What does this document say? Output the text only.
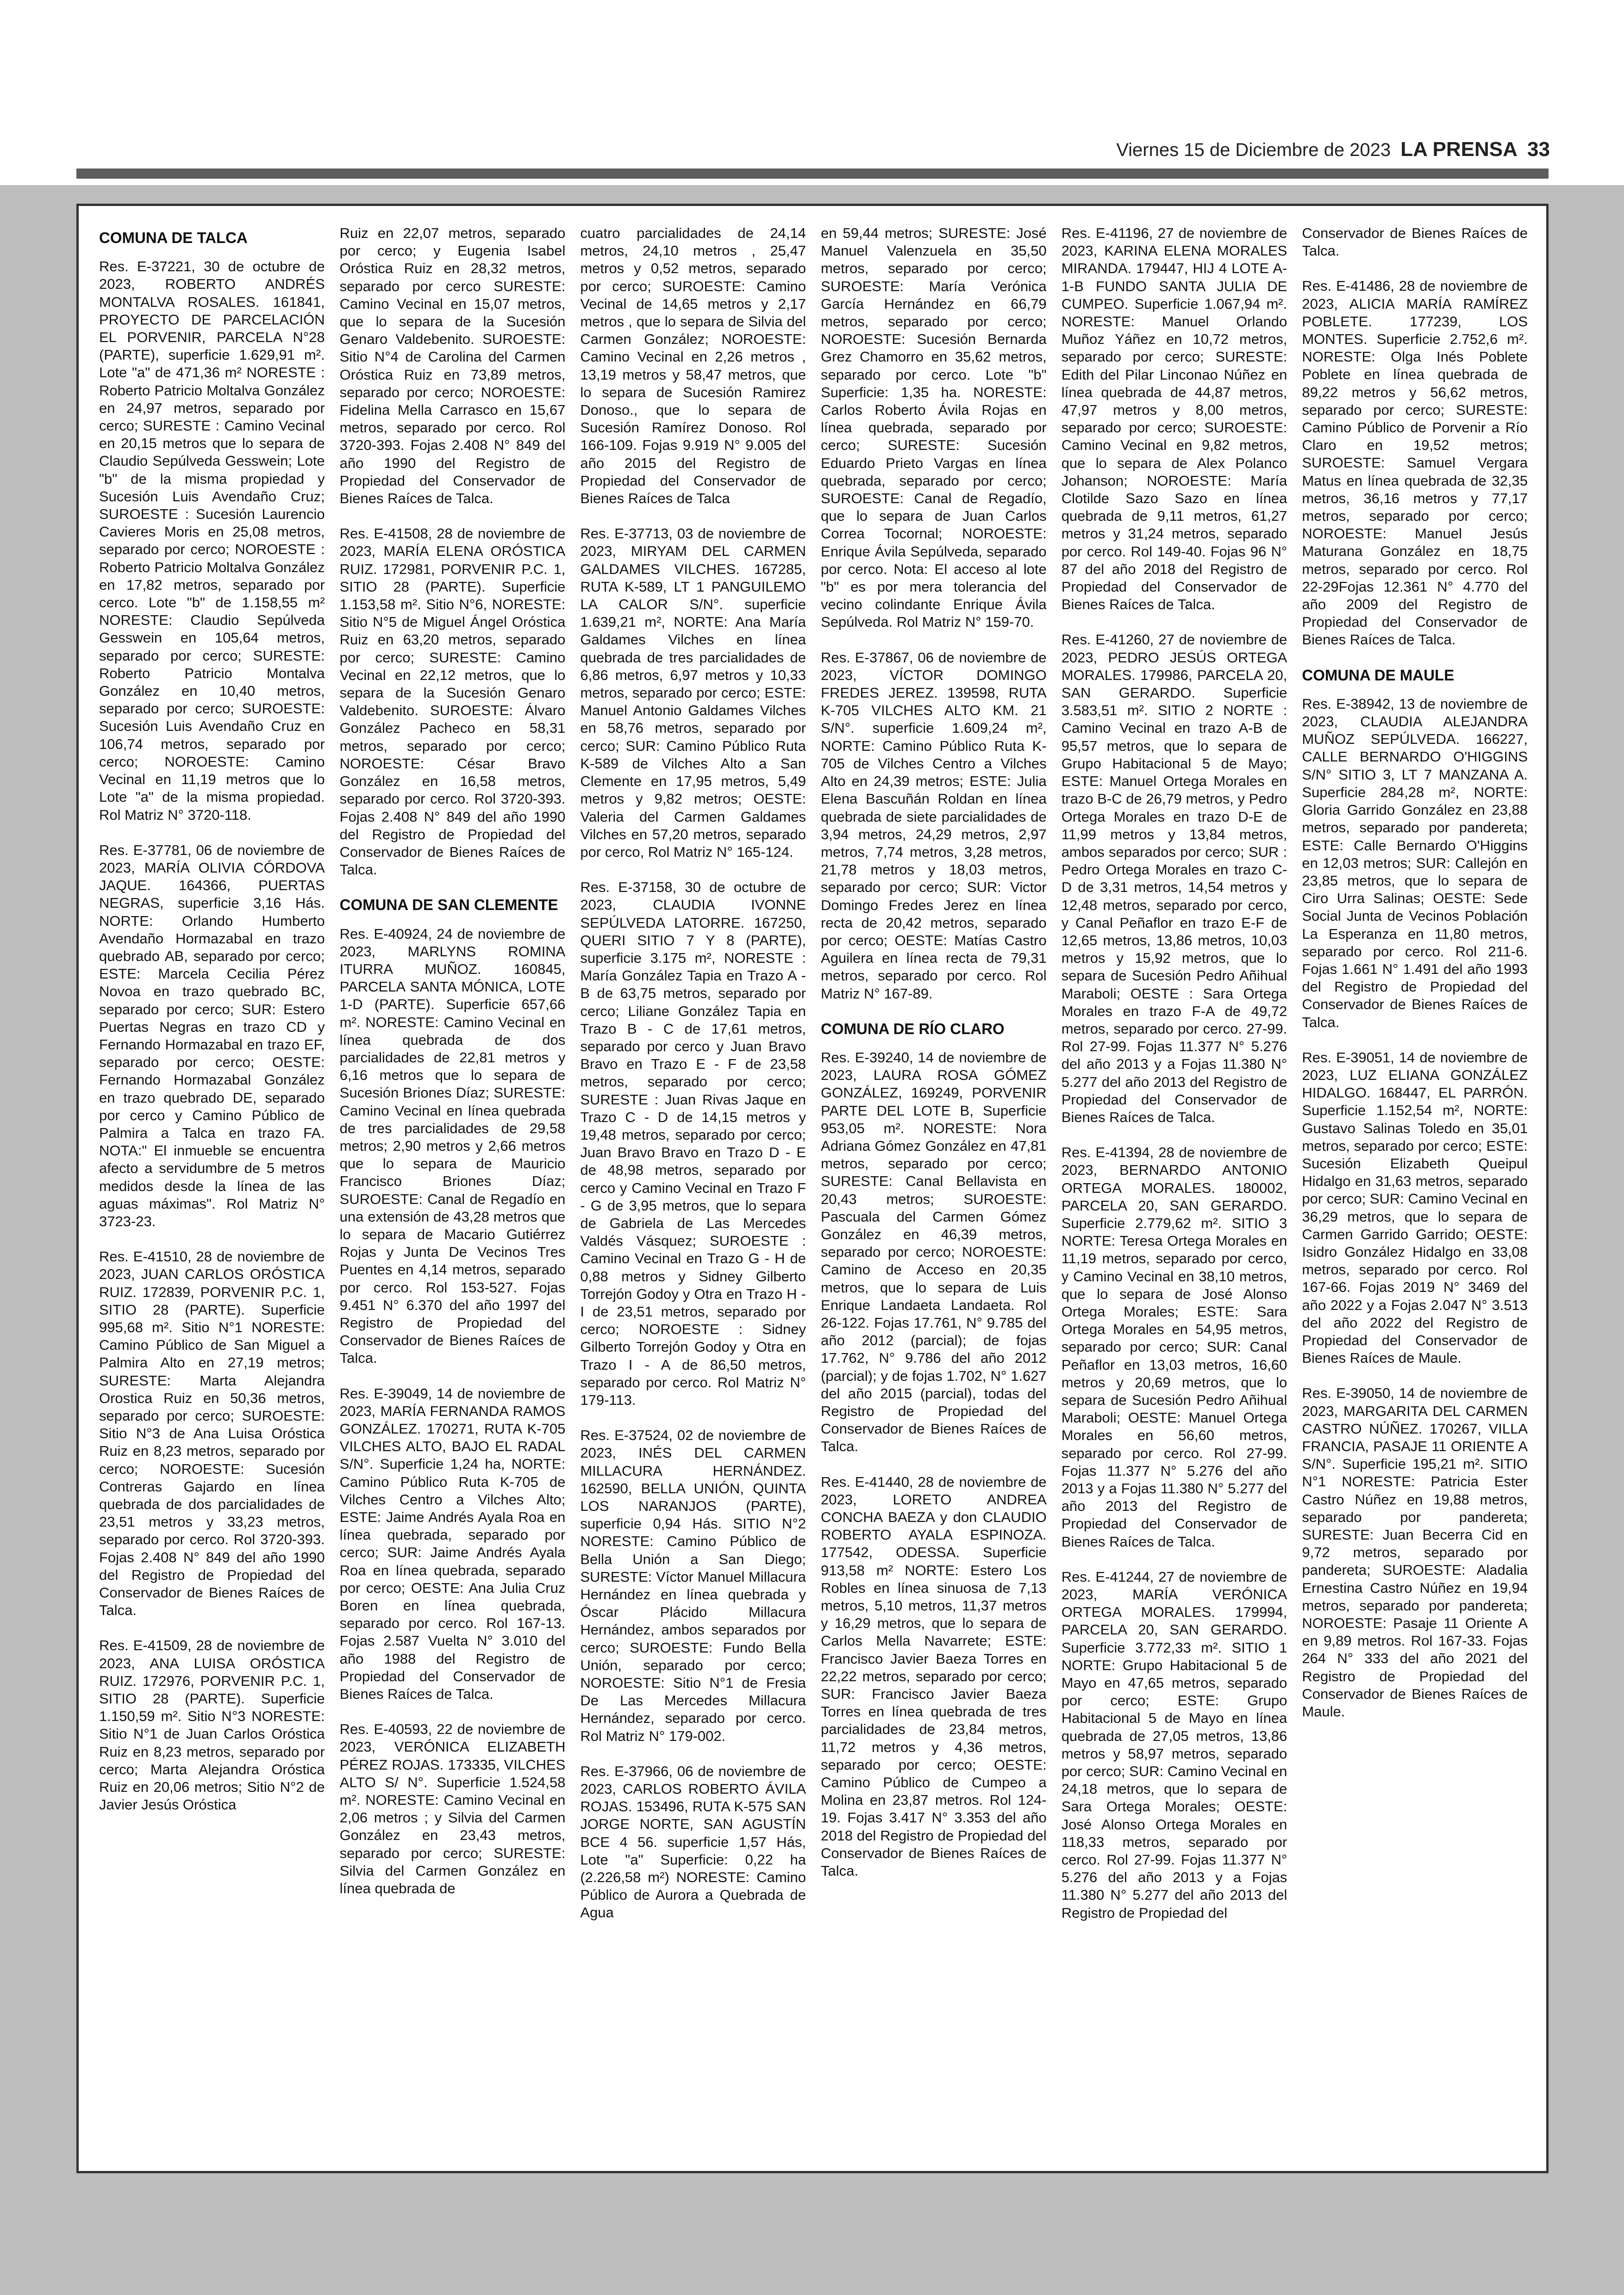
Viernes 15 de Diciembre de 2023 LA PRENSA 33
COMUNA DE TALCA

Res. E-37221, 30 de octubre de 2023, ROBERTO ANDRÉS MONTALVA ROSALES. 161841, PROYECTO DE PARCELACIÓN EL PORVENIR, PARCELA N°28 (PARTE), superficie 1.629,91 m². Lote "a" de 471,36 m² NORESTE : Roberto Patricio Moltalva González en 24,97 metros, separado por cerco; SURESTE : Camino Vecinal en 20,15 metros que lo separa de Claudio Sepúlveda Gesswein; Lote "b" de la misma propiedad y Sucesión Luis Avendaño Cruz; SUROESTE : Sucesión Laurencio Cavieres Moris en 25,08 metros, separado por cerco; NOROESTE : Roberto Patricio Moltalva González en 17,82 metros, separado por cerco. Lote "b" de 1.158,55 m² NORESTE: Claudio Sepúlveda Gesswein en 105,64 metros, separado por cerco; SURESTE: Roberto Patricio Montalva González en 10,40 metros, separado por cerco; SUROESTE: Sucesión Luis Avendaño Cruz en 106,74 metros, separado por cerco; NOROESTE: Camino Vecinal en 11,19 metros que lo Lote "a" de la misma propiedad. Rol Matriz N° 3720-118.

Res. E-37781, 06 de noviembre de 2023, MARÍA OLIVIA CÓRDOVA JAQUE. 164366, PUERTAS NEGRAS, superficie 3,16 Hás. NORTE: Orlando Humberto Avendaño Hormazabal en trazo quebrado AB, separado por cerco; ESTE: Marcela Cecilia Pérez Novoa en trazo quebrado BC, separado por cerco; SUR: Estero Puertas Negras en trazo CD y Fernando Hormazabal en trazo EF, separado por cerco; OESTE: Fernando Hormazabal González en trazo quebrado DE, separado por cerco y Camino Público de Palmira a Talca en trazo FA. NOTA:" El inmueble se encuentra afecto a servidumbre de 5 metros medidos desde la línea de las aguas máximas". Rol Matriz N° 3723-23.

Res. E-41510, 28 de noviembre de 2023, JUAN CARLOS ORÓSTICA RUIZ. 172839, PORVENIR P.C. 1, SITIO 28 (PARTE). Superficie 995,68 m². Sitio N°1 NORESTE: Camino Público de San Miguel a Palmira Alto en 27,19 metros; SURESTE: Marta Alejandra Orostica Ruiz en 50,36 metros, separado por cerco; SUROESTE: Sitio N°3 de Ana Luisa Oróstica Ruiz en 8,23 metros, separado por cerco; NOROESTE: Sucesión Contreras Gajardo en línea quebrada de dos parcialidades de 23,51 metros y 33,23 metros, separado por cerco. Rol 3720-393. Fojas 2.408 N° 849 del año 1990 del Registro de Propiedad del Conservador de Bienes Raíces de Talca.

Res. E-41509, 28 de noviembre de 2023, ANA LUISA ORÓSTICA RUIZ. 172976, PORVENIR P.C. 1, SITIO 28 (PARTE). Superficie 1.150,59 m². Sitio N°3 NORESTE: Sitio N°1 de Juan Carlos Oróstica Ruiz en 8,23 metros, separado por cerco; Marta Alejandra Oróstica Ruiz en 20,06 metros; Sitio N°2 de Javier Jesús Oróstica

Ruiz en 22,07 metros, separado por cerco; y Eugenia Isabel Oróstica Ruiz en 28,32 metros, separado por cerco SURESTE: Camino Vecinal en 15,07 metros, que lo separa de la Sucesión Genaro Valdebenito. SUROESTE: Sitio N°4 de Carolina del Carmen Oróstica Ruiz en 73,89 metros, separado por cerco; NOROESTE: Fidelina Mella Carrasco en 15,67 metros, separado por cerco. Rol 3720-393. Fojas 2.408 N° 849 del año 1990 del Registro de Propiedad del Conservador de Bienes Raíces de Talca.

Res. E-41508, 28 de noviembre de 2023, MARÍA ELENA ORÓSTICA RUIZ. 172981, PORVENIR P.C. 1, SITIO 28 (PARTE). Superficie 1.153,58 m². Sitio N°6, NORESTE: Sitio N°5 de Miguel Ángel Oróstica Ruiz en 63,20 metros, separado por cerco; SURESTE: Camino Vecinal en 22,12 metros, que lo separa de la Sucesión Genaro Valdebenito. SUROESTE: Álvaro González Pacheco en 58,31 metros, separado por cerco; NOROESTE: César Bravo González en 16,58 metros, separado por cerco. Rol 3720-393. Fojas 2.408 N° 849 del año 1990 del Registro de Propiedad del Conservador de Bienes Raíces de Talca.

COMUNA DE SAN CLEMENTE

Res. E-40924, 24 de noviembre de 2023, MARLYNS ROMINA ITURRA MUÑOZ. 160845, PARCELA SANTA MÓNICA, LOTE 1-D (PARTE). Superficie 657,66 m². NORESTE: Camino Vecinal en línea quebrada de dos parcialidades de 22,81 metros y 6,16 metros que lo separa de Sucesión Briones Díaz; SURESTE: Camino Vecinal en línea quebrada de tres parcialidades de 29,58 metros; 2,90 metros y 2,66 metros que lo separa de Mauricio Francisco Briones Díaz; SUROESTE: Canal de Regadío en una extensión de 43,28 metros que lo separa de Macario Gutiérrez Rojas y Junta De Vecinos Tres Puentes en 4,14 metros, separado por cerco. Rol 153-527. Fojas 9.451 N° 6.370 del año 1997 del Registro de Propiedad del Conservador de Bienes Raíces de Talca.

Res. E-39049, 14 de noviembre de 2023, MARÍA FERNANDA RAMOS GONZÁLEZ. 170271, RUTA K-705 VILCHES ALTO, BAJO EL RADAL S/N°. Superficie 1,24 ha, NORTE: Camino Público Ruta K-705 de Vilches Centro a Vilches Alto; ESTE: Jaime Andrés Ayala Roa en línea quebrada, separado por cerco; SUR: Jaime Andrés Ayala Roa en línea quebrada, separado por cerco; OESTE: Ana Julia Cruz Boren en línea quebrada, separado por cerco. Rol 167-13. Fojas 2.587 Vuelta N° 3.010 del año 1988 del Registro de Propiedad del Conservador de Bienes Raíces de Talca.

Res. E-40593, 22 de noviembre de 2023, VERÓNICA ELIZABETH PÉREZ ROJAS. 173335, VILCHES ALTO S/ N°. Superficie 1.524,58 m². NORESTE: Camino Vecinal en 2,06 metros ; y Silvia del Carmen González en 23,43 metros, separado por cerco; SURESTE: Silvia del Carmen González en línea quebrada de

cuatro parcialidades de 24,14 metros, 24,10 metros , 25,47 metros y 0,52 metros, separado por cerco; SUROESTE: Camino Vecinal de 14,65 metros y 2,17 metros , que lo separa de Silvia del Carmen González; NOROESTE: Camino Vecinal en 2,26 metros , 13,19 metros y 58,47 metros, que lo separa de Sucesión Ramirez Donoso., que lo separa de Sucesión Ramírez Donoso. Rol 166-109. Fojas 9.919 N° 9.005 del año 2015 del Registro de Propiedad del Conservador de Bienes Raíces de Talca

Res. E-37713, 03 de noviembre de 2023, MIRYAM DEL CARMEN GALDAMES VILCHES. 167285, RUTA K-589, LT 1 PANGUILEMO LA CALOR S/N°. superficie 1.639,21 m², NORTE: Ana María Galdames Vilches en línea quebrada de tres parcialidades de 6,86 metros, 6,97 metros y 10,33 metros, separado por cerco; ESTE: Manuel Antonio Galdames Vilches en 58,76 metros, separado por cerco; SUR: Camino Público Ruta K-589 de Vilches Alto a San Clemente en 17,95 metros, 5,49 metros y 9,82 metros; OESTE: Valeria del Carmen Galdames Vilches en 57,20 metros, separado por cerco, Rol Matriz N° 165-124.

Res. E-37158, 30 de octubre de 2023, CLAUDIA IVONNE SEPÚLVEDA LATORRE. 167250, QUERI SITIO 7 Y 8 (PARTE), superficie 3.175 m², NORESTE : María González Tapia en Trazo A - B de 63,75 metros, separado por cerco; Liliane González Tapia en Trazo B - C de 17,61 metros, separado por cerco y Juan Bravo Bravo en Trazo E - F de 23,58 metros, separado por cerco; SURESTE : Juan Rivas Jaque en Trazo C - D de 14,15 metros y 19,48 metros, separado por cerco; Juan Bravo Bravo en Trazo D - E de 48,98 metros, separado por cerco y Camino Vecinal en Trazo F - G de 3,95 metros, que lo separa de Gabriela de Las Mercedes Valdés Vásquez; SUROESTE : Camino Vecinal en Trazo G - H de 0,88 metros y Sidney Gilberto Torrejón Godoy y Otra en Trazo H - I de 23,51 metros, separado por cerco; NOROESTE : Sidney Gilberto Torrejón Godoy y Otra en Trazo I - A de 86,50 metros, separado por cerco. Rol Matriz N° 179-113.

Res. E-37524, 02 de noviembre de 2023, INÉS DEL CARMEN MILLACURA HERNÁNDEZ. 162590, BELLA UNIÓN, QUINTA LOS NARANJOS (PARTE), superficie 0,94 Hás. SITIO N°2 NORESTE: Camino Público de Bella Unión a San Diego; SURESTE: Víctor Manuel Millacura Hernández en línea quebrada y Óscar Plácido Millacura Hernández, ambos separados por cerco; SUROESTE: Fundo Bella Unión, separado por cerco; NOROESTE: Sitio N°1 de Fresia De Las Mercedes Millacura Hernández, separado por cerco. Rol Matriz N° 179-002.

Res. E-37966, 06 de noviembre de 2023, CARLOS ROBERTO ÁVILA ROJAS. 153496, RUTA K-575 SAN JORGE NORTE, SAN AGUSTÍN BCE 4 56. superficie 1,57 Hás, Lote "a" Superficie: 0,22 ha (2.226,58 m²) NORESTE: Camino Público de Aurora a Quebrada de Agua

en 59,44 metros; SURESTE: José Manuel Valenzuela en 35,50 metros, separado por cerco; SUROESTE: María Verónica García Hernández en 66,79 metros, separado por cerco; NOROESTE: Sucesión Bernarda Grez Chamorro en 35,62 metros, separado por cerco. Lote "b" Superficie: 1,35 ha. NORESTE: Carlos Roberto Ávila Rojas en línea quebrada, separado por cerco; SURESTE: Sucesión Eduardo Prieto Vargas en línea quebrada, separado por cerco; SUROESTE: Canal de Regadío, que lo separa de Juan Carlos Correa Tocornal; NOROESTE: Enrique Ávila Sepúlveda, separado por cerco. Nota: El acceso al lote "b" es por mera tolerancia del vecino colindante Enrique Ávila Sepúlveda. Rol Matriz N° 159-70.

Res. E-37867, 06 de noviembre de 2023, VÍCTOR DOMINGO FREDES JEREZ. 139598, RUTA K-705 VILCHES ALTO KM. 21 S/N°. superficie 1.609,24 m², NORTE: Camino Público Ruta K-705 de Vilches Centro a Vilches Alto en 24,39 metros; ESTE: Julia Elena Bascuñán Roldan en línea quebrada de siete parcialidades de 3,94 metros, 24,29 metros, 2,97 metros, 7,74 metros, 3,28 metros, 21,78 metros y 18,03 metros, separado por cerco; SUR: Victor Domingo Fredes Jerez en línea recta de 20,42 metros, separado por cerco; OESTE: Matías Castro Aguilera en línea recta de 79,31 metros, separado por cerco. Rol Matriz N° 167-89.

COMUNA DE RÍO CLARO

Res. E-39240, 14 de noviembre de 2023, LAURA ROSA GÓMEZ GONZÁLEZ, 169249, PORVENIR PARTE DEL LOTE B, Superficie 953,05 m². NORESTE: Nora Adriana Gómez González en 47,81 metros, separado por cerco; SURESTE: Canal Bellavista en 20,43 metros; SUROESTE: Pascuala del Carmen Gómez González en 46,39 metros, separado por cerco; NOROESTE: Camino de Acceso en 20,35 metros, que lo separa de Luis Enrique Landaeta Landaeta. Rol 26-122. Fojas 17.761, N° 9.785 del año 2012 (parcial); de fojas 17.762, N° 9.786 del año 2012 (parcial); y de fojas 1.702, N° 1.627 del año 2015 (parcial), todas del Registro de Propiedad del Conservador de Bienes Raíces de Talca.

Res. E-41440, 28 de noviembre de 2023, LORETO ANDREA CONCHA BAEZA y don CLAUDIO ROBERTO AYALA ESPINOZA. 177542, ODESSA. Superficie 913,58 m² NORTE: Estero Los Robles en línea sinuosa de 7,13 metros, 5,10 metros, 11,37 metros y 16,29 metros, que lo separa de Carlos Mella Navarrete; ESTE: Francisco Javier Baeza Torres en 22,22 metros, separado por cerco; SUR: Francisco Javier Baeza Torres en línea quebrada de tres parcialidades de 23,84 metros, 11,72 metros y 4,36 metros, separado por cerco; OESTE: Camino Público de Cumpeo a Molina en 23,87 metros. Rol 124-19. Fojas 3.417 N° 3.353 del año 2018 del Registro de Propiedad del Conservador de Bienes Raíces de Talca.

Res. E-41196, 27 de noviembre de 2023, KARINA ELENA MORALES MIRANDA. 179447, HIJ 4 LOTE A-1-B FUNDO SANTA JULIA DE CUMPEO. Superficie 1.067,94 m². NORESTE: Manuel Orlando Muñoz Yáñez en 10,72 metros, separado por cerco; SURESTE: Edith del Pilar Linconao Núñez en línea quebrada de 44,87 metros, 47,97 metros y 8,00 metros, separado por cerco; SUROESTE: Camino Vecinal en 9,82 metros, que lo separa de Alex Polanco Johanson; NOROESTE: María Clotilde Sazo Sazo en línea quebrada de 9,11 metros, 61,27 metros y 31,24 metros, separado por cerco. Rol 149-40. Fojas 96 N° 87 del año 2018 del Registro de Propiedad del Conservador de Bienes Raíces de Talca.

Res. E-41260, 27 de noviembre de 2023, PEDRO JESÚS ORTEGA MORALES. 179986, PARCELA 20, SAN GERARDO. Superficie 3.583,51 m². SITIO 2 NORTE : Camino Vecinal en trazo A-B de 95,57 metros, que lo separa de Grupo Habitacional 5 de Mayo; ESTE: Manuel Ortega Morales en trazo B-C de 26,79 metros, y Pedro Ortega Morales en trazo D-E de 11,99 metros y 13,84 metros, ambos separados por cerco; SUR : Pedro Ortega Morales en trazo C-D de 3,31 metros, 14,54 metros y 12,48 metros, separado por cerco, y Canal Peñaflor en trazo E-F de 12,65 metros, 13,86 metros, 10,03 metros y 15,92 metros, que lo separa de Sucesión Pedro Añihual Maraboli; OESTE : Sara Ortega Morales en trazo F-A de 49,72 metros, separado por cerco. 27-99. Rol 27-99. Fojas 11.377 N° 5.276 del año 2013 y a Fojas 11.380 N° 5.277 del año 2013 del Registro de Propiedad del Conservador de Bienes Raíces de Talca.

Res. E-41394, 28 de noviembre de 2023, BERNARDO ANTONIO ORTEGA MORALES. 180002, PARCELA 20, SAN GERARDO. Superficie 2.779,62 m². SITIO 3 NORTE: Teresa Ortega Morales en 11,19 metros, separado por cerco, y Camino Vecinal en 38,10 metros, que lo separa de José Alonso Ortega Morales; ESTE: Sara Ortega Morales en 54,95 metros, separado por cerco; SUR: Canal Peñaflor en 13,03 metros, 16,60 metros y 20,69 metros, que lo separa de Sucesión Pedro Añihual Maraboli; OESTE: Manuel Ortega Morales en 56,60 metros, separado por cerco. Rol 27-99. Fojas 11.377 N° 5.276 del año 2013 y a Fojas 11.380 N° 5.277 del año 2013 del Registro de Propiedad del Conservador de Bienes Raíces de Talca.

Res. E-41244, 27 de noviembre de 2023, MARÍA VERÓNICA ORTEGA MORALES. 179994, PARCELA 20, SAN GERARDO. Superficie 3.772,33 m². SITIO 1 NORTE: Grupo Habitacional 5 de Mayo en 47,65 metros, separado por cerco; ESTE: Grupo Habitacional 5 de Mayo en línea quebrada de 27,05 metros, 13,86 metros y 58,97 metros, separado por cerco; SUR: Camino Vecinal en 24,18 metros, que lo separa de Sara Ortega Morales; OESTE: José Alonso Ortega Morales en 118,33 metros, separado por cerco. Rol 27-99. Fojas 11.377 N° 5.276 del año 2013 y a Fojas 11.380 N° 5.277 del año 2013 del Registro de Propiedad del

Conservador de Bienes Raíces de Talca.

Res. E-41486, 28 de noviembre de 2023, ALICIA MARÍA RAMÍREZ POBLETE. 177239, LOS MONTES. Superficie 2.752,6 m². NORESTE: Olga Inés Poblete Poblete en línea quebrada de 89,22 metros y 56,62 metros, separado por cerco; SURESTE: Camino Público de Porvenir a Río Claro en 19,52 metros; SUROESTE: Samuel Vergara Matus en línea quebrada de 32,35 metros, 36,16 metros y 77,17 metros, separado por cerco; NOROESTE: Manuel Jesús Maturana González en 18,75 metros, separado por cerco. Rol 22-29Fojas 12.361 N° 4.770 del año 2009 del Registro de Propiedad del Conservador de Bienes Raíces de Talca.

COMUNA DE MAULE

Res. E-38942, 13 de noviembre de 2023, CLAUDIA ALEJANDRA MUÑOZ SEPÚLVEDA. 166227, CALLE BERNARDO O'HIGGINS S/N° SITIO 3, LT 7 MANZANA A. Superficie 284,28 m², NORTE: Gloria Garrido González en 23,88 metros, separado por pandereta; ESTE: Calle Bernardo O'Higgins en 12,03 metros; SUR: Callejón en 23,85 metros, que lo separa de Ciro Urra Salinas; OESTE: Sede Social Junta de Vecinos Población La Esperanza en 11,80 metros, separado por cerco. Rol 211-6. Fojas 1.661 N° 1.491 del año 1993 del Registro de Propiedad del Conservador de Bienes Raíces de Talca.

Res. E-39051, 14 de noviembre de 2023, LUZ ELIANA GONZÁLEZ HIDALGO. 168447, EL PARRÓN. Superficie 1.152,54 m², NORTE: Gustavo Salinas Toledo en 35,01 metros, separado por cerco; ESTE: Sucesión Elizabeth Queipul Hidalgo en 31,63 metros, separado por cerco; SUR: Camino Vecinal en 36,29 metros, que lo separa de Carmen Garrido Garrido; OESTE: Isidro González Hidalgo en 33,08 metros, separado por cerco. Rol 167-66. Fojas 2019 N° 3469 del año 2022 y a Fojas 2.047 N° 3.513 del año 2022 del Registro de Propiedad del Conservador de Bienes Raíces de Maule.

Res. E-39050, 14 de noviembre de 2023, MARGARITA DEL CARMEN CASTRO NÚÑEZ. 170267, VILLA FRANCIA, PASAJE 11 ORIENTE A S/N°. Superficie 195,21 m². SITIO N°1 NORESTE: Patricia Ester Castro Núñez en 19,88 metros, separado por pandereta; SURESTE: Juan Becerra Cid en 9,72 metros, separado por pandereta; SUROESTE: Aladalia Ernestina Castro Núñez en 19,94 metros, separado por pandereta; NOROESTE: Pasaje 11 Oriente A en 9,89 metros. Rol 167-33. Fojas 264 N° 333 del año 2021 del Registro de Propiedad del Conservador de Bienes Raíces de Maule.
